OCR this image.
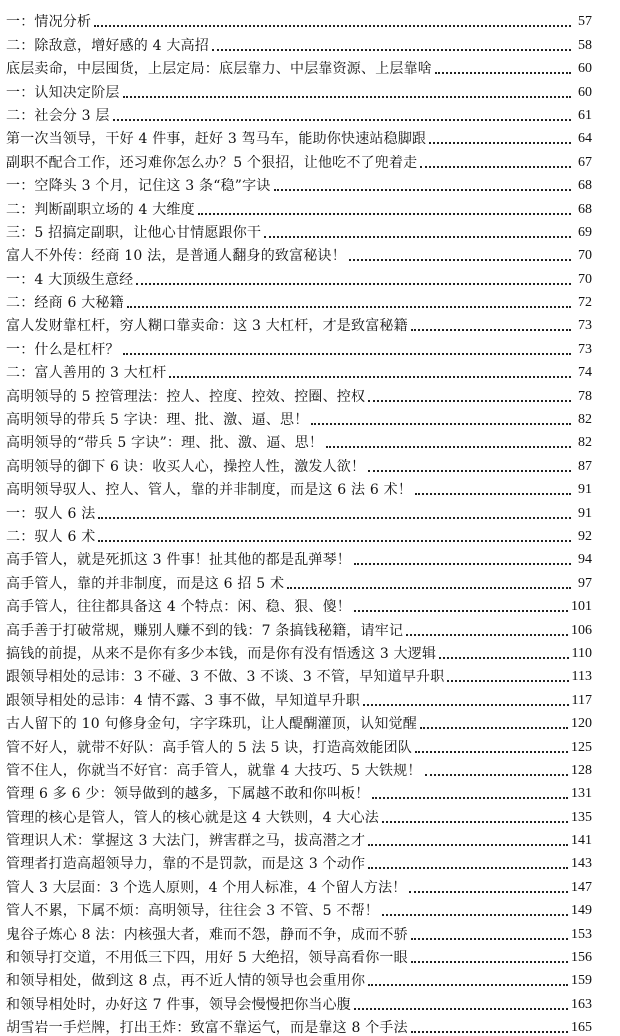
一：情况分析	57
二：除敌意，增好感的 4 大高招	58
底层卖命，中层囤货，上层定局：底层靠力、中层靠资源、上层靠啥	60
一：认知决定阶层	60
二：社会分 3 层	61
第一次当领导，干好 4 件事，赶好 3 驾马车，能助你快速站稳脚跟	64
副职不配合工作，还习难你怎么办？5 个狠招，让他吃不了兜着走	67
一：空降头 3 个月，记住这 3 条“稳”字诀	68
二：判断副职立场的 4 大维度	68
三：5 招搞定副职，让他心甘情愿跟你干	69
富人不外传：经商 10 法，是普通人翻身的致富秘诀！	70
一：4 大顶级生意经	70
二：经商 6 大秘籍	72
富人发财靠杠杆，穷人糊口靠卖命：这 3 大杠杆，才是致富秘籍	73
一：什么是杠杆？	73
二：富人善用的 3 大杠杆	74
高明领导的 5 控管理法：控人、控度、控效、控圈、控权	78
高明领导的带兵 5 字诀：理、批、激、逼、思！	82
高明领导的“带兵 5 字诀”：理、批、激、逼、思！	82
高明领导的御下 6 诀：收买人心，操控人性，激发人欲！	87
高明领导驭人、控人、管人，靠的并非制度，而是这 6 法 6 术！	91
一：驭人 6 法	91
二：驭人 6 术	92
高手管人，就是死抓这 3 件事！扯其他的都是乱弹琴！	94
高手管人，靠的并非制度，而是这 6 招 5 术	97
高手管人，往往都具备这 4 个特点：闲、稳、狠、傻！	101
高手善于打破常规，赚别人赚不到的钱：7 条搞钱秘籍，请牢记	106
搞钱的前提，从来不是你有多少本钱，而是你有没有悟透这 3 大逻辑	110
跟领导相处的忌讳：3 不碰、3 不做、3 不谈、3 不管，早知道早升职	113
跟领导相处的忌讳：4 情不露、3 事不做，早知道早升职	117
古人留下的 10 句修身金句，字字珠玑，让人醍醐灌顶，认知觉醒	120
管不好人，就带不好队：高手管人的 5 法 5 诀，打造高效能团队	125
管不住人，你就当不好官：高手管人，就靠 4 大技巧、5 大铁规！	128
管理 6 多 6 少：领导做到的越多，下属越不敢和你叫板！	131
管理的核心是管人，管人的核心就是这 4 大铁则，4 大心法	135
管理识人术：掌握这 3 大法门，辨害群之马，拔高潜之才	141
管理者打造高超领导力，靠的不是罚款，而是这 3 个动作	143
管人 3 大层面：3 个选人原则，4 个用人标准，4 个留人方法！	147
管人不累，下属不烦：高明领导，往往会 3 不管、5 不帮！	149
鬼谷子炼心 8 法：内核强大者，难而不怨，静而不争，成而不骄	153
和领导打交道，不用低三下四，用好 5 大绝招，领导高看你一眼	156
和领导相处，做到这 8 点，再不近人情的领导也会重用你	159
和领导相处时，办好这 7 件事，领导会慢慢把你当心腹	163
胡雪岩一手烂牌，打出王炸：致富不靠运气，而是靠这 8 个手法	165
